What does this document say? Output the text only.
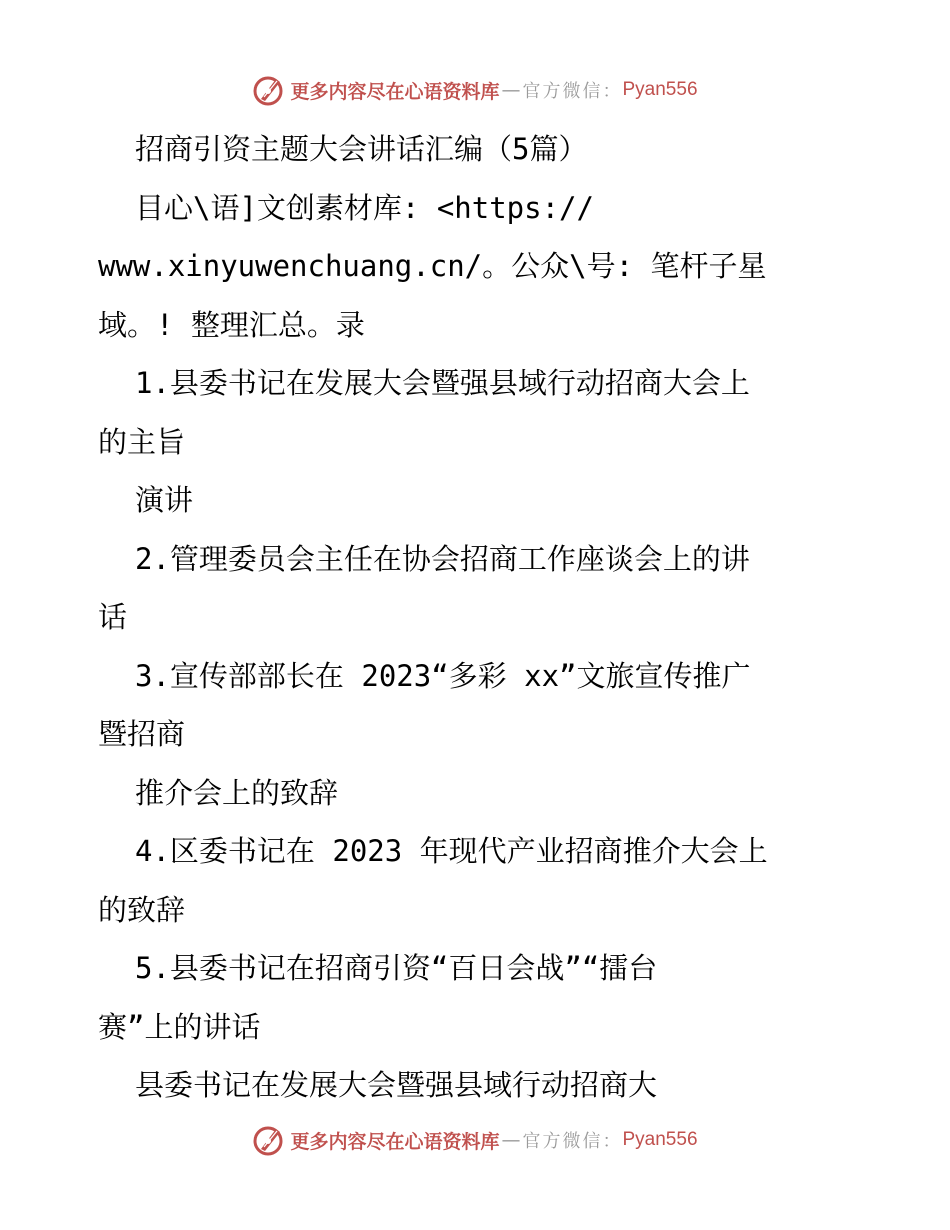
更多内容尽在心语资料库 — 官方微信： Pyan556
招商引资主题大会讲话汇编（5篇）
目心\语]文创素材库: <https://
www.xinyuwenchuang.cn/。公众\号: 笔杆子星
域。! 整理汇总。录
1.县委书记在发展大会暨强县域行动招商大会上
的主旨
演讲
2.管理委员会主任在协会招商工作座谈会上的讲
话
3.宣传部部长在 2023“多彩 xx”文旅宣传推广
暨招商
推介会上的致辞
4.区委书记在 2023 年现代产业招商推介大会上
的致辞
5.县委书记在招商引资“百日会战”“擂台
赛”上的讲话
县委书记在发展大会暨强县域行动招商大
更多内容尽在心语资料库 — 官方微信： Pyan556
